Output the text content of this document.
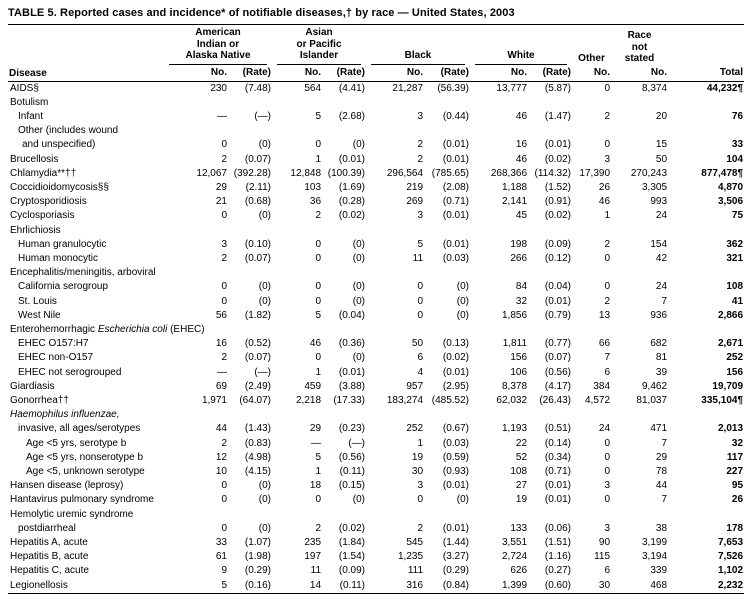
TABLE 5. Reported cases and incidence* of notifiable diseases,† by race — United States, 2003
Disease	American
Indian or
Alaska Native		Asian
or Pacific
Islander		Black		White		Other	Race
not
stated	Total
	No.	(Rate)	No.	(Rate)	No.	(Rate)	No.	(Rate)	No.	No.	
AIDS§	230	(7.48)	564	(4.41)	21,287	(56.39)	13,777	(5.87)	0	8,374	44,232¶
Botulism											
Infant	—	(—)	5	(2.68)	3	(0.44)	46	(1.47)	2	20	76
Other (includes wound											
and unspecified)	0	(0)	0	(0)	2	(0.01)	16	(0.01)	0	15	33
Brucellosis	2	(0.07)	1	(0.01)	2	(0.01)	46	(0.02)	3	50	104
Chlamydia**††	12,067	(392.28)	12,848	(100.39)	296,564	(785.65)	268,366	(114.32)	17,390	270,243	877,478¶
Coccidioidomycosis§§	29	(2.11)	103	(1.69)	219	(2.08)	1,188	(1.52)	26	3,305	4,870
Cryptosporidiosis	21	(0.68)	36	(0.28)	269	(0.71)	2,141	(0.91)	46	993	3,506
Cyclosporiasis	0	(0)	2	(0.02)	3	(0.01)	45	(0.02)	1	24	75
Ehrlichiosis											
Human granulocytic	3	(0.10)	0	(0)	5	(0.01)	198	(0.09)	2	154	362
Human monocytic	2	(0.07)	0	(0)	11	(0.03)	266	(0.12)	0	42	321
Encephalitis/meningitis, arboviral											
California serogroup	0	(0)	0	(0)	0	(0)	84	(0.04)	0	24	108
St. Louis	0	(0)	0	(0)	0	(0)	32	(0.01)	2	7	41
West Nile	56	(1.82)	5	(0.04)	0	(0)	1,856	(0.79)	13	936	2,866
Enterohemorrhagic Escherichia coli (EHEC)											
EHEC O157:H7	16	(0.52)	46	(0.36)	50	(0.13)	1,811	(0.77)	66	682	2,671
EHEC non-O157	2	(0.07)	0	(0)	6	(0.02)	156	(0.07)	7	81	252
EHEC not serogrouped	—	(—)	1	(0.01)	4	(0.01)	106	(0.56)	6	39	156
Giardiasis	69	(2.49)	459	(3.88)	957	(2.95)	8,378	(4.17)	384	9,462	19,709
Gonorrhea††	1,971	(64.07)	2,218	(17.33)	183,274	(485.52)	62,032	(26.43)	4,572	81,037	335,104¶
Haemophilus influenzae,											
invasive, all ages/serotypes	44	(1.43)	29	(0.23)	252	(0.67)	1,193	(0.51)	24	471	2,013
Age <5 yrs, serotype b	2	(0.83)	—	(—)	1	(0.03)	22	(0.14)	0	7	32
Age <5 yrs, nonserotype b	12	(4.98)	5	(0.56)	19	(0.59)	52	(0.34)	0	29	117
Age <5, unknown serotype	10	(4.15)	1	(0.11)	30	(0.93)	108	(0.71)	0	78	227
Hansen disease (leprosy)	0	(0)	18	(0.15)	3	(0.01)	27	(0.01)	3	44	95
Hantavirus pulmonary syndrome	0	(0)	0	(0)	0	(0)	19	(0.01)	0	7	26
Hemolytic uremic syndrome											
postdiarrheal	0	(0)	2	(0.02)	2	(0.01)	133	(0.06)	3	38	178
Hepatitis A, acute	33	(1.07)	235	(1.84)	545	(1.44)	3,551	(1.51)	90	3,199	7,653
Hepatitis B, acute	61	(1.98)	197	(1.54)	1,235	(3.27)	2,724	(1.16)	115	3,194	7,526
Hepatitis C, acute	9	(0.29)	11	(0.09)	111	(0.29)	626	(0.27)	6	339	1,102
Legionellosis	5	(0.16)	14	(0.11)	316	(0.84)	1,399	(0.60)	30	468	2,232
